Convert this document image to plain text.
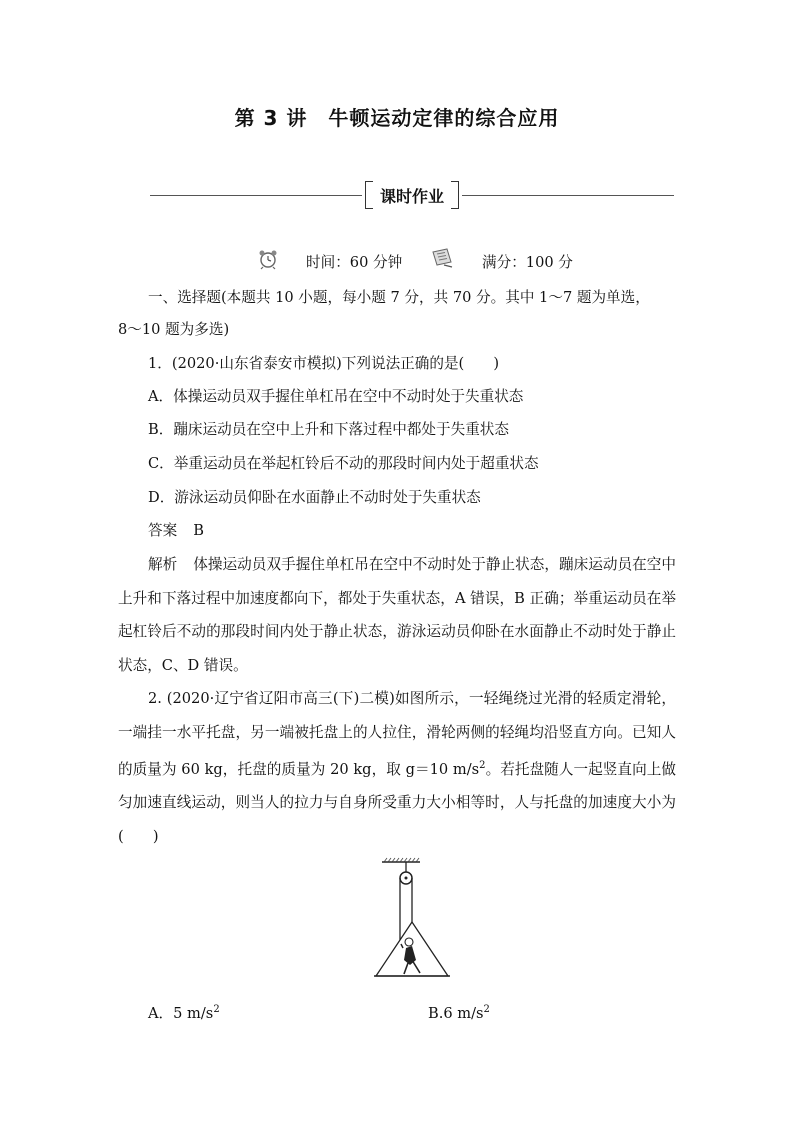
第 3 讲　牛顿运动定律的综合应用
课时作业
时间：60 分钟	满分：100 分
一、选择题(本题共 10 小题，每小题 7 分，共 70 分。其中 1～7 题为单选，
8～10 题为多选)
1．(2020·山东省泰安市模拟)下列说法正确的是(　　)
A．体操运动员双手握住单杠吊在空中不动时处于失重状态
B．蹦床运动员在空中上升和下落过程中都处于失重状态
C．举重运动员在举起杠铃后不动的那段时间内处于超重状态
D．游泳运动员仰卧在水面静止不动时处于失重状态
答案 B
解析 体操运动员双手握住单杠吊在空中不动时处于静止状态，蹦床运动员在空中上升和下落过程中加速度都向下，都处于失重状态，A 错误，B 正确；举重运动员在举起杠铃后不动的那段时间内处于静止状态，游泳运动员仰卧在水面静止不动时处于静止状态，C、D 错误。
2. (2020·辽宁省辽阳市高三(下)二模)如图所示，一轻绳绕过光滑的轻质定滑轮，一端挂一水平托盘，另一端被托盘上的人拉住，滑轮两侧的轻绳均沿竖直方向。已知人的质量为 60 kg，托盘的质量为 20 kg，取 g＝10 $m/s^2$。若托盘随人一起竖直向上做匀加速直线运动，则当人的拉力与自身所受重力大小相等时，人与托盘的加速度大小为(　　)
A．5 $m/s^2$	B.6 $m/s^2$
